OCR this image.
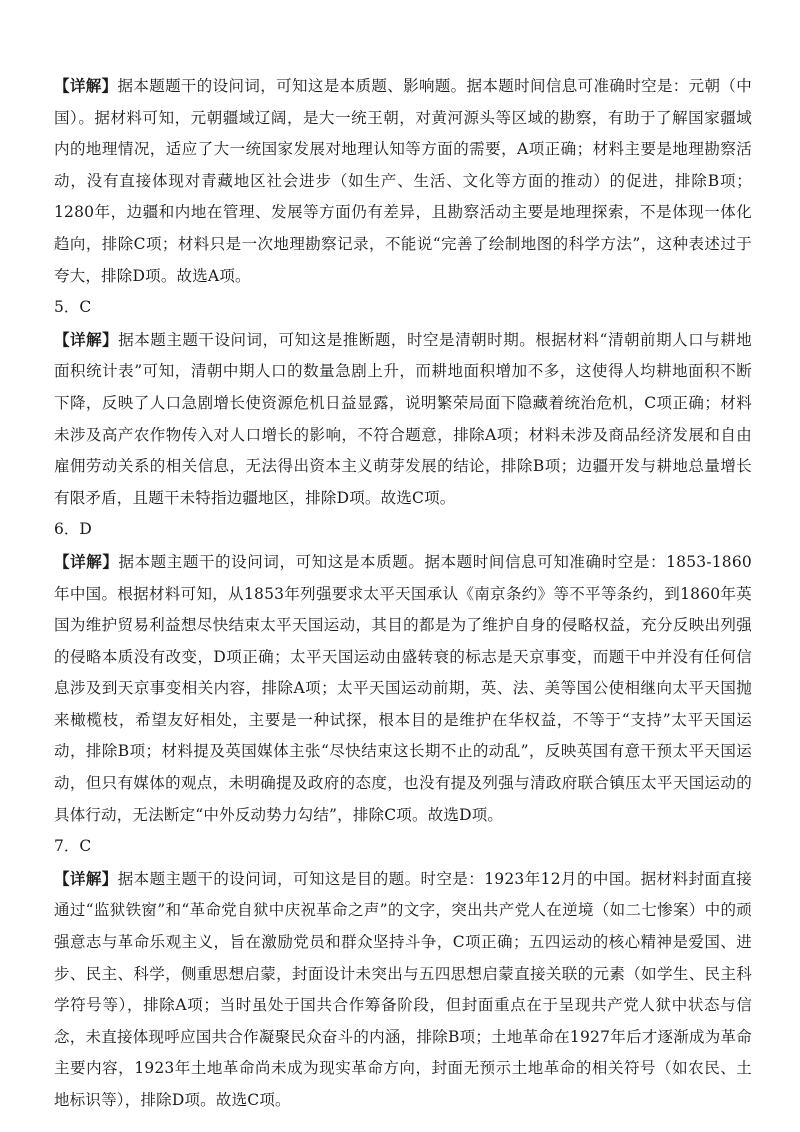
【详解】据本题题干的设问词，可知这是本质题、影响题。据本题时间信息可准确时空是：元朝（中国）。据材料可知，元朝疆域辽阔，是大一统王朝，对黄河源头等区域的勘察，有助于了解国家疆域内的地理情况，适应了大一统国家发展对地理认知等方面的需要，A项正确；材料主要是地理勘察活动，没有直接体现对青藏地区社会进步（如生产、生活、文化等方面的推动）的促进，排除B项；1280年，边疆和内地在管理、发展等方面仍有差异，且勘察活动主要是地理探索，不是体现一体化趋向，排除C项；材料只是一次地理勘察记录，不能说“完善了绘制地图的科学方法”，这种表述过于夸大，排除D项。故选A项。

5．C

【详解】据本题主题干设问词，可知这是推断题，时空是清朝时期。根据材料“清朝前期人口与耕地面积统计表”可知，清朝中期人口的数量急剧上升，而耕地面积增加不多，这使得人均耕地面积不断下降，反映了人口急剧增长使资源危机日益显露，说明繁荣局面下隐藏着统治危机，C项正确；材料未涉及高产农作物传入对人口增长的影响，不符合题意，排除A项；材料未涉及商品经济发展和自由雇佣劳动关系的相关信息，无法得出资本主义萌芽发展的结论，排除B项；边疆开发与耕地总量增长有限矛盾，且题干未特指边疆地区，排除D项。故选C项。

6．D

【详解】据本题主题干的设问词，可知这是本质题。据本题时间信息可知准确时空是：1853-1860年中国。根据材料可知，从1853年列强要求太平天国承认《南京条约》等不平等条约，到1860年英国为维护贸易利益想尽快结束太平天国运动，其目的都是为了维护自身的侵略权益，充分反映出列强的侵略本质没有改变，D项正确；太平天国运动由盛转衰的标志是天京事变，而题干中并没有任何信息涉及到天京事变相关内容，排除A项；太平天国运动前期，英、法、美等国公使相继向太平天国抛来橄榄枝，希望友好相处，主要是一种试探，根本目的是维护在华权益，不等于“支持”太平天国运动，排除B项；材料提及英国媒体主张“尽快结束这长期不止的动乱”，反映英国有意干预太平天国运动，但只有媒体的观点，未明确提及政府的态度，也没有提及列强与清政府联合镇压太平天国运动的具体行动，无法断定“中外反动势力勾结”，排除C项。故选D项。

7．C

【详解】据本题主题干的设问词，可知这是目的题。时空是：1923年12月的中国。据材料封面直接通过“监狱铁窗”和“革命党自狱中庆祝革命之声”的文字，突出共产党人在逆境（如二七惨案）中的顽强意志与革命乐观主义，旨在激励党员和群众坚持斗争，C项正确；五四运动的核心精神是爱国、进步、民主、科学，侧重思想启蒙，封面设计未突出与五四思想启蒙直接关联的元素（如学生、民主科学符号等），排除A项；当时虽处于国共合作筹备阶段，但封面重点在于呈现共产党人狱中状态与信念，未直接体现呼应国共合作凝聚民众奋斗的内涵，排除B项；土地革命在1927年后才逐渐成为革命主要内容，1923年土地革命尚未成为现实革命方向，封面无预示土地革命的相关符号（如农民、土地标识等），排除D项。故选C项。
